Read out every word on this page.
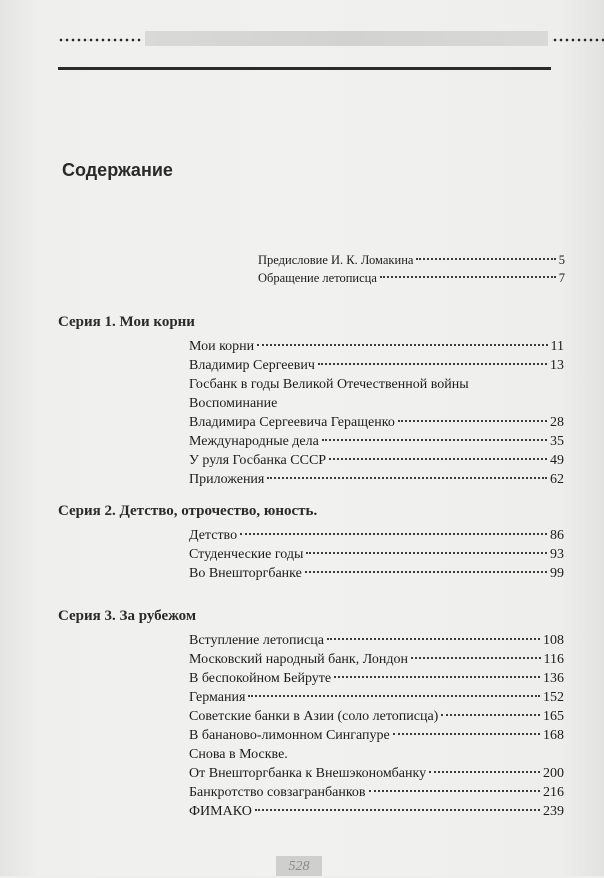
Содержание
Предисловие И. К. Ломакина	5
Обращение летописца	7
Серия 1. Мои корни
Мои корни	11
Владимир Сергеевич	13
Госбанк в годы Великой Отечественной войны
Воспоминание
Владимира Сергеевича Геращенко	28
Международные дела	35
У руля Госбанка СССР	49
Приложения	62
Серия 2. Детство, отрочество, юность.
Детство	86
Студенческие годы	93
Во Внешторгбанке	99
Серия 3. За рубежом
Вступление летописца	108
Московский народный банк, Лондон	116
В беспокойном Бейруте	136
Германия	152
Советские банки в Азии (соло летописца)	165
В бананово-лимонном Сингапуре	168
Снова в Москве.
От Внешторгбанка к Внешэкономбанку	200
Банкротство совзагранбанков	216
ФИМАКО	239
528
